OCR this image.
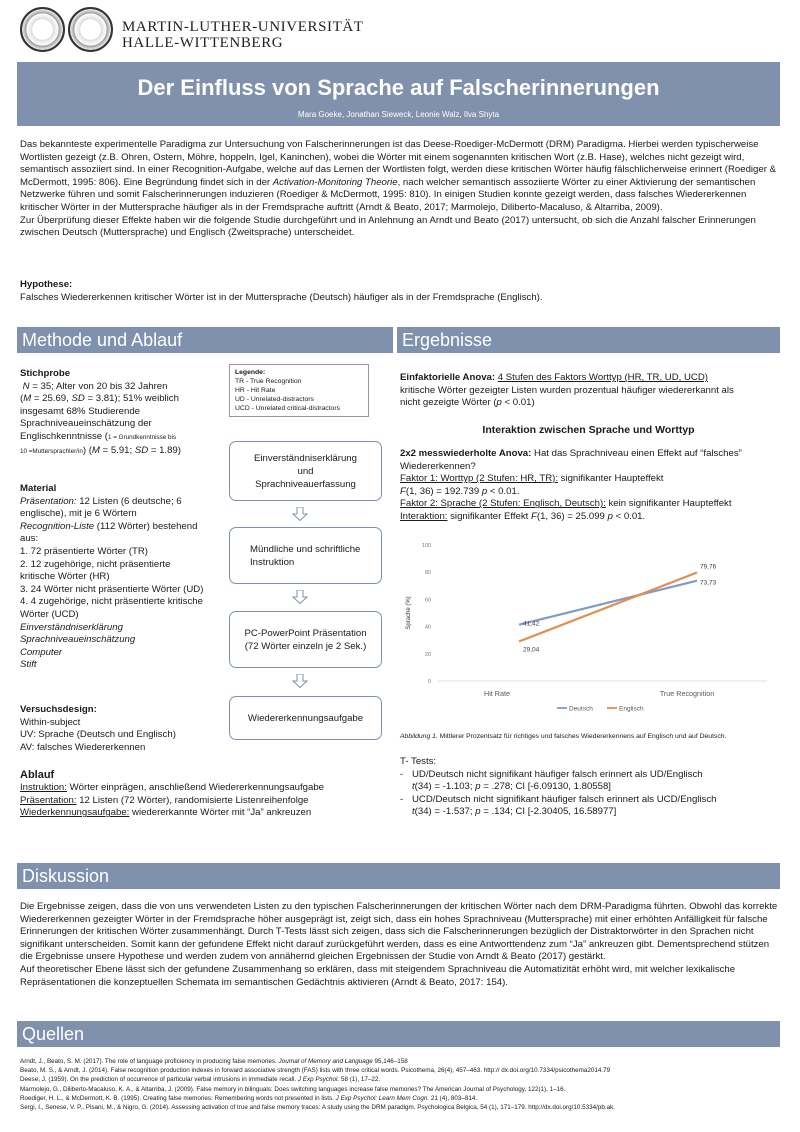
MARTIN-LUTHER-UNIVERSITÄT
HALLE-WITTENBERG
Der Einfluss von Sprache auf Falscherinnerungen
Mara Goeke, Jonathan Sieweck, Leonie Walz, Ilva Shyta

Das bekannteste experimentelle Paradigma zur Untersuchung von Falscherinnerungen ist das Deese-Roediger-McDermott (DRM) Paradigma. Hierbei werden typischerweise Wortlisten gezeigt (z.B. Ohren, Ostern, Möhre, hoppeln, Igel, Kaninchen), wobei die Wörter mit einem sogenannten kritischen Wort (z.B. Hase), welches nicht gezeigt wird, semantisch assoziiert sind. In einer Recognition-Aufgabe, welche auf das Lernen der Wortlisten folgt, werden diese kritischen Wörter häufig fälschlicherweise erinnert (Roediger & McDermott, 1995: 806). Eine Begründung findet sich in der Activation-Monitoring Theorie, nach welcher semantisch assoziierte Wörter zu einer Aktivierung der semantischen Netzwerke führen und somit Falscherinnerungen induzieren (Roediger & McDermott, 1995: 810). In einigen Studien konnte gezeigt werden, dass falsches Wiedererkennen kritischer Wörter in der Muttersprache häufiger als in der Fremdsprache auftritt (Arndt & Beato, 2017; Marmolejo, Diliberto-Macaluso, & Altarriba, 2009).

Zur Überprüfung dieser Effekte haben wir die folgende Studie durchgeführt und in Anlehnung an Arndt und Beato (2017) untersucht, ob sich die Anzahl falscher Erinnerungen zwischen Deutsch (Muttersprache) und Englisch (Zweitsprache) unterscheidet.

Hypothese:
Falsches Wiedererkennen kritischer Wörter ist in der Muttersprache (Deutsch) häufiger als in der Fremdsprache (Englisch).
Methode und Ablauf	Ergebnisse
Stichprobe
N = 35; Alter von 20 bis 32 Jahren
(M = 25.69, SD = 3.81); 51% weiblich
insgesamt 68% Studierende
Sprachniveaueinschätzung der
Englischkenntnisse (1 = Grundkenntnisse bis
10 =Muttersprachler/in) (M = 5.91; SD = 1.89)
Material
Präsentation: 12 Listen (6 deutsche; 6
englische), mit je 6 Wörtern
Recognition-Liste (112 Wörter) bestehend
aus:
1. 72 präsentierte Wörter (TR)
2. 12 zugehörige, nicht präsentierte
kritische Wörter (HR)
3. 24 Wörter nicht präsentierte Wörter (UD)
4. 4 zugehörige, nicht präsentierte kritische
Wörter (UCD)
Einverständniserklärung
Sprachniveaueinschätzung
Computer
Stift
Versuchsdesign:
Within-subject
UV: Sprache (Deutsch und Englisch)
AV: falsches Wiedererkennen
Legende:
TR - True Recognition
HR - Hit Rate
UD - Unrelated-distractors
UCD - Unrelated critical-distractors
Einverständniserklärung und Sprachniveauerfassung
Mündliche und schriftliche Instruktion
PC-PowerPoint Präsentation (72 Wörter einzeln je 2 Sek.)
Wiedererkennungsaufgabe
Ablauf
Instruktion: Wörter einprägen, anschließend Wiedererkennungsaufgabe
Präsentation: 12 Listen (72 Wörter), randomisierte Listenreihenfolge
Wiederkennungsaufgabe: wiedererkannte Wörter mit “Ja” ankreuzen
Einfaktorielle Anova: 4 Stufen des Faktors Worttyp (HR, TR, UD, UCD)
kritische Wörter gezeigter Listen wurden prozentual häufiger wiedererkannt als
nicht gezeigte Wörter (p < 0.01)
Interaktion zwischen Sprache und Worttyp
2x2 messwiederholte Anova: Hat das Sprachniveau einen Effekt auf “falsches”
Wiedererkennen?
Faktor 1: Worttyp (2 Stufen: HR, TR): signifikanter Haupteffekt
F(1, 36) = 192.739 p < 0.01.
Faktor 2: Sprache (2 Stufen: Englisch, Deutsch): kein signifikanter Haupteffekt
Interaktion: signifikanter Effekt F(1, 36) = 25.099 p < 0.01.
0
20
40
60
80
100
Sprache (%)
Hit Rate	True Recognition
41,42
73,73
29,04
79,76
Deutsch	Englisch
Abbildung 1. Mittlerer Prozentsatz für richtiges und falsches Wiedererkennens auf Englisch und auf Deutsch.
T- Tests:
- UD/Deutsch nicht signifikant häufiger falsch erinnert als UD/Englisch
t(34) = -1.103; p = .278; CI [-6.09130, 1.80558]
- UCD/Deutsch nicht signifikant häufiger falsch erinnert als UCD/Englisch
t(34) = -1.537; p = .134; CI [-2.30405, 16.58977]
Diskussion

Die Ergebnisse zeigen, dass die von uns verwendeten Listen zu den typischen Falscherinnerungen der kritischen Wörter nach dem DRM-Paradigma führten. Obwohl das korrekte Wiedererkennen gezeigter Wörter in der Fremdsprache höher ausgeprägt ist, zeigt sich, dass ein hohes Sprachniveau (Muttersprache) mit einer erhöhten Anfälligkeit für falsche Erinnerungen der kritischen Wörter zusammenhängt. Durch T-Tests lässt sich zeigen, dass sich die Falscherinnerungen bezüglich der Distraktorwörter in den Sprachen nicht signifikant unterscheiden. Somit kann der gefundene Effekt nicht darauf zurückgeführt werden, dass es eine Antworttendenz zum “Ja” ankreuzen gibt. Dementsprechend stützen die Ergebnisse unsere Hypothese und werden zudem von annähernd gleichen Ergebnissen der Studie von Arndt & Beato (2017) gestärkt.

Auf theoretischer Ebene lässt sich der gefundene Zusammenhang so erklären, dass mit steigendem Sprachniveau die Automatizität erhöht wird, mit welcher lexikalische Repräsentationen die konzeptuellen Schemata im semantischen Gedächtnis aktivieren (Arndt & Beato, 2017: 154).

Quellen
Arndt, J., Beato, S. M. (2017). The role of language proficiency in producing false memories. Journal of Memory and Language 95,146–158
Beato, M. S., & Arndt, J. (2014). False recognition production indexes in forward associative strength (FAS) lists with three critical words. Psicothema, 26(4), 457–463. http:// dx.doi.org/10.7334/psicothema2014.79
Deese, J. (1959). On the prediction of occurrence of particular verbal intrusions in immediate recall. J Exp Psychol. 58 (1), 17–22.
Marmolejo, G., Diliberto-Macaluso, K. A., & Altarriba, J. (2009). False memory in bilinguals: Does switching languages increase false memories? The American Journal of Psychology, 122(1), 1–16.
Roediger, H. L., & McDermott, K. B. (1995). Creating false memories: Remembering words not presented in lists. J Exp Psychol: Learn Mem Cogn. 21 (4), 803–814.
Sergi, I., Senese, V. P., Pisani, M., & Nigro, G. (2014). Assessing activation of true and false memory traces: A study using the DRM paradigm. Psychologica Belgica, 54 (1), 171–179. http://dx.doi.org/10.5334/pb.ak.
